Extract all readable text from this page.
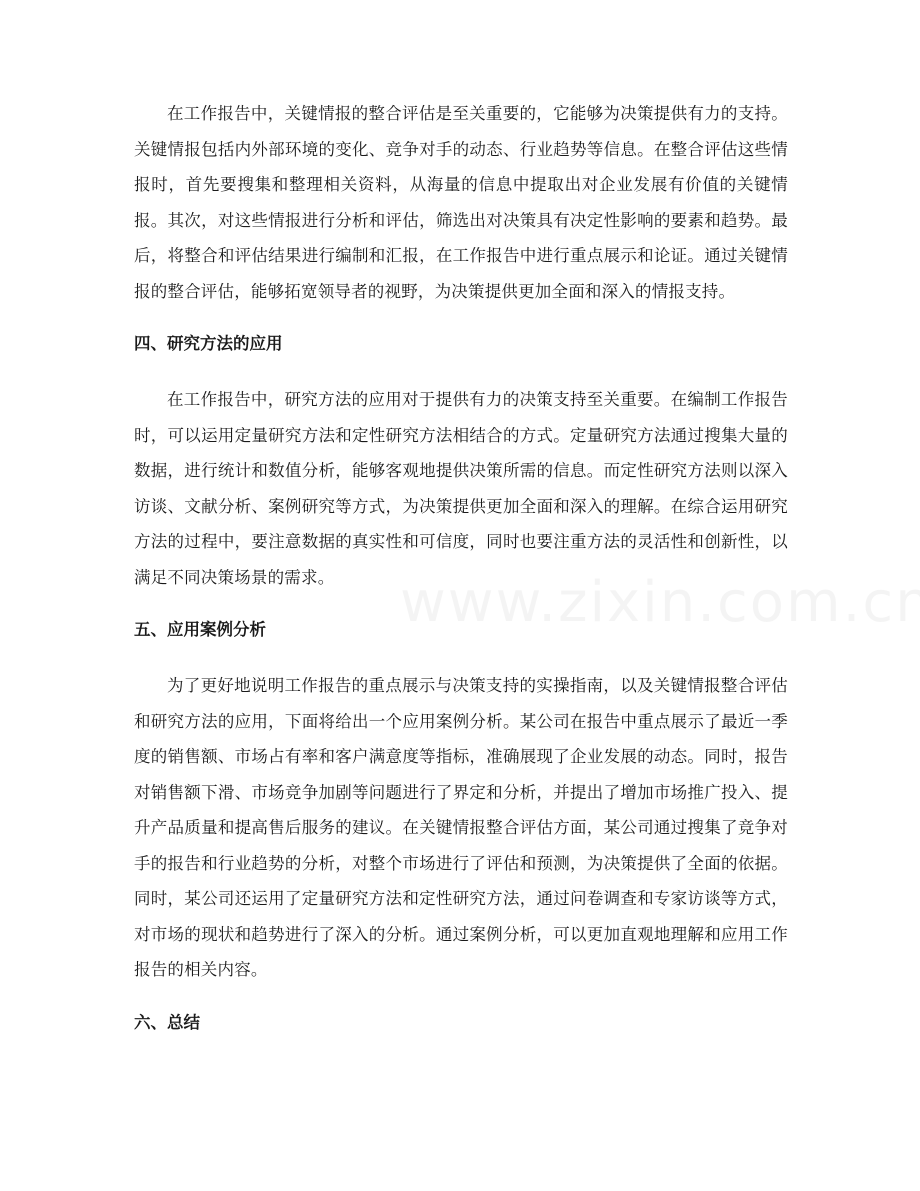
在工作报告中，关键情报的整合评估是至关重要的，它能够为决策提供有力的支持。关键情报包括内外部环境的变化、竞争对手的动态、行业趋势等信息。在整合评估这些情报时，首先要搜集和整理相关资料，从海量的信息中提取出对企业发展有价值的关键情报。其次，对这些情报进行分析和评估，筛选出对决策具有决定性影响的要素和趋势。最后，将整合和评估结果进行编制和汇报，在工作报告中进行重点展示和论证。通过关键情报的整合评估，能够拓宽领导者的视野，为决策提供更加全面和深入的情报支持。

四、研究方法的应用

在工作报告中，研究方法的应用对于提供有力的决策支持至关重要。在编制工作报告时，可以运用定量研究方法和定性研究方法相结合的方式。定量研究方法通过搜集大量的数据，进行统计和数值分析，能够客观地提供决策所需的信息。而定性研究方法则以深入访谈、文献分析、案例研究等方式，为决策提供更加全面和深入的理解。在综合运用研究方法的过程中，要注意数据的真实性和可信度，同时也要注重方法的灵活性和创新性，以满足不同决策场景的需求。

五、应用案例分析

为了更好地说明工作报告的重点展示与决策支持的实操指南，以及关键情报整合评估和研究方法的应用，下面将给出一个应用案例分析。某公司在报告中重点展示了最近一季度的销售额、市场占有率和客户满意度等指标，准确展现了企业发展的动态。同时，报告对销售额下滑、市场竞争加剧等问题进行了界定和分析，并提出了增加市场推广投入、提升产品质量和提高售后服务的建议。在关键情报整合评估方面，某公司通过搜集了竞争对手的报告和行业趋势的分析，对整个市场进行了评估和预测，为决策提供了全面的依据。同时，某公司还运用了定量研究方法和定性研究方法，通过问卷调查和专家访谈等方式，对市场的现状和趋势进行了深入的分析。通过案例分析，可以更加直观地理解和应用工作报告的相关内容。

六、总结
